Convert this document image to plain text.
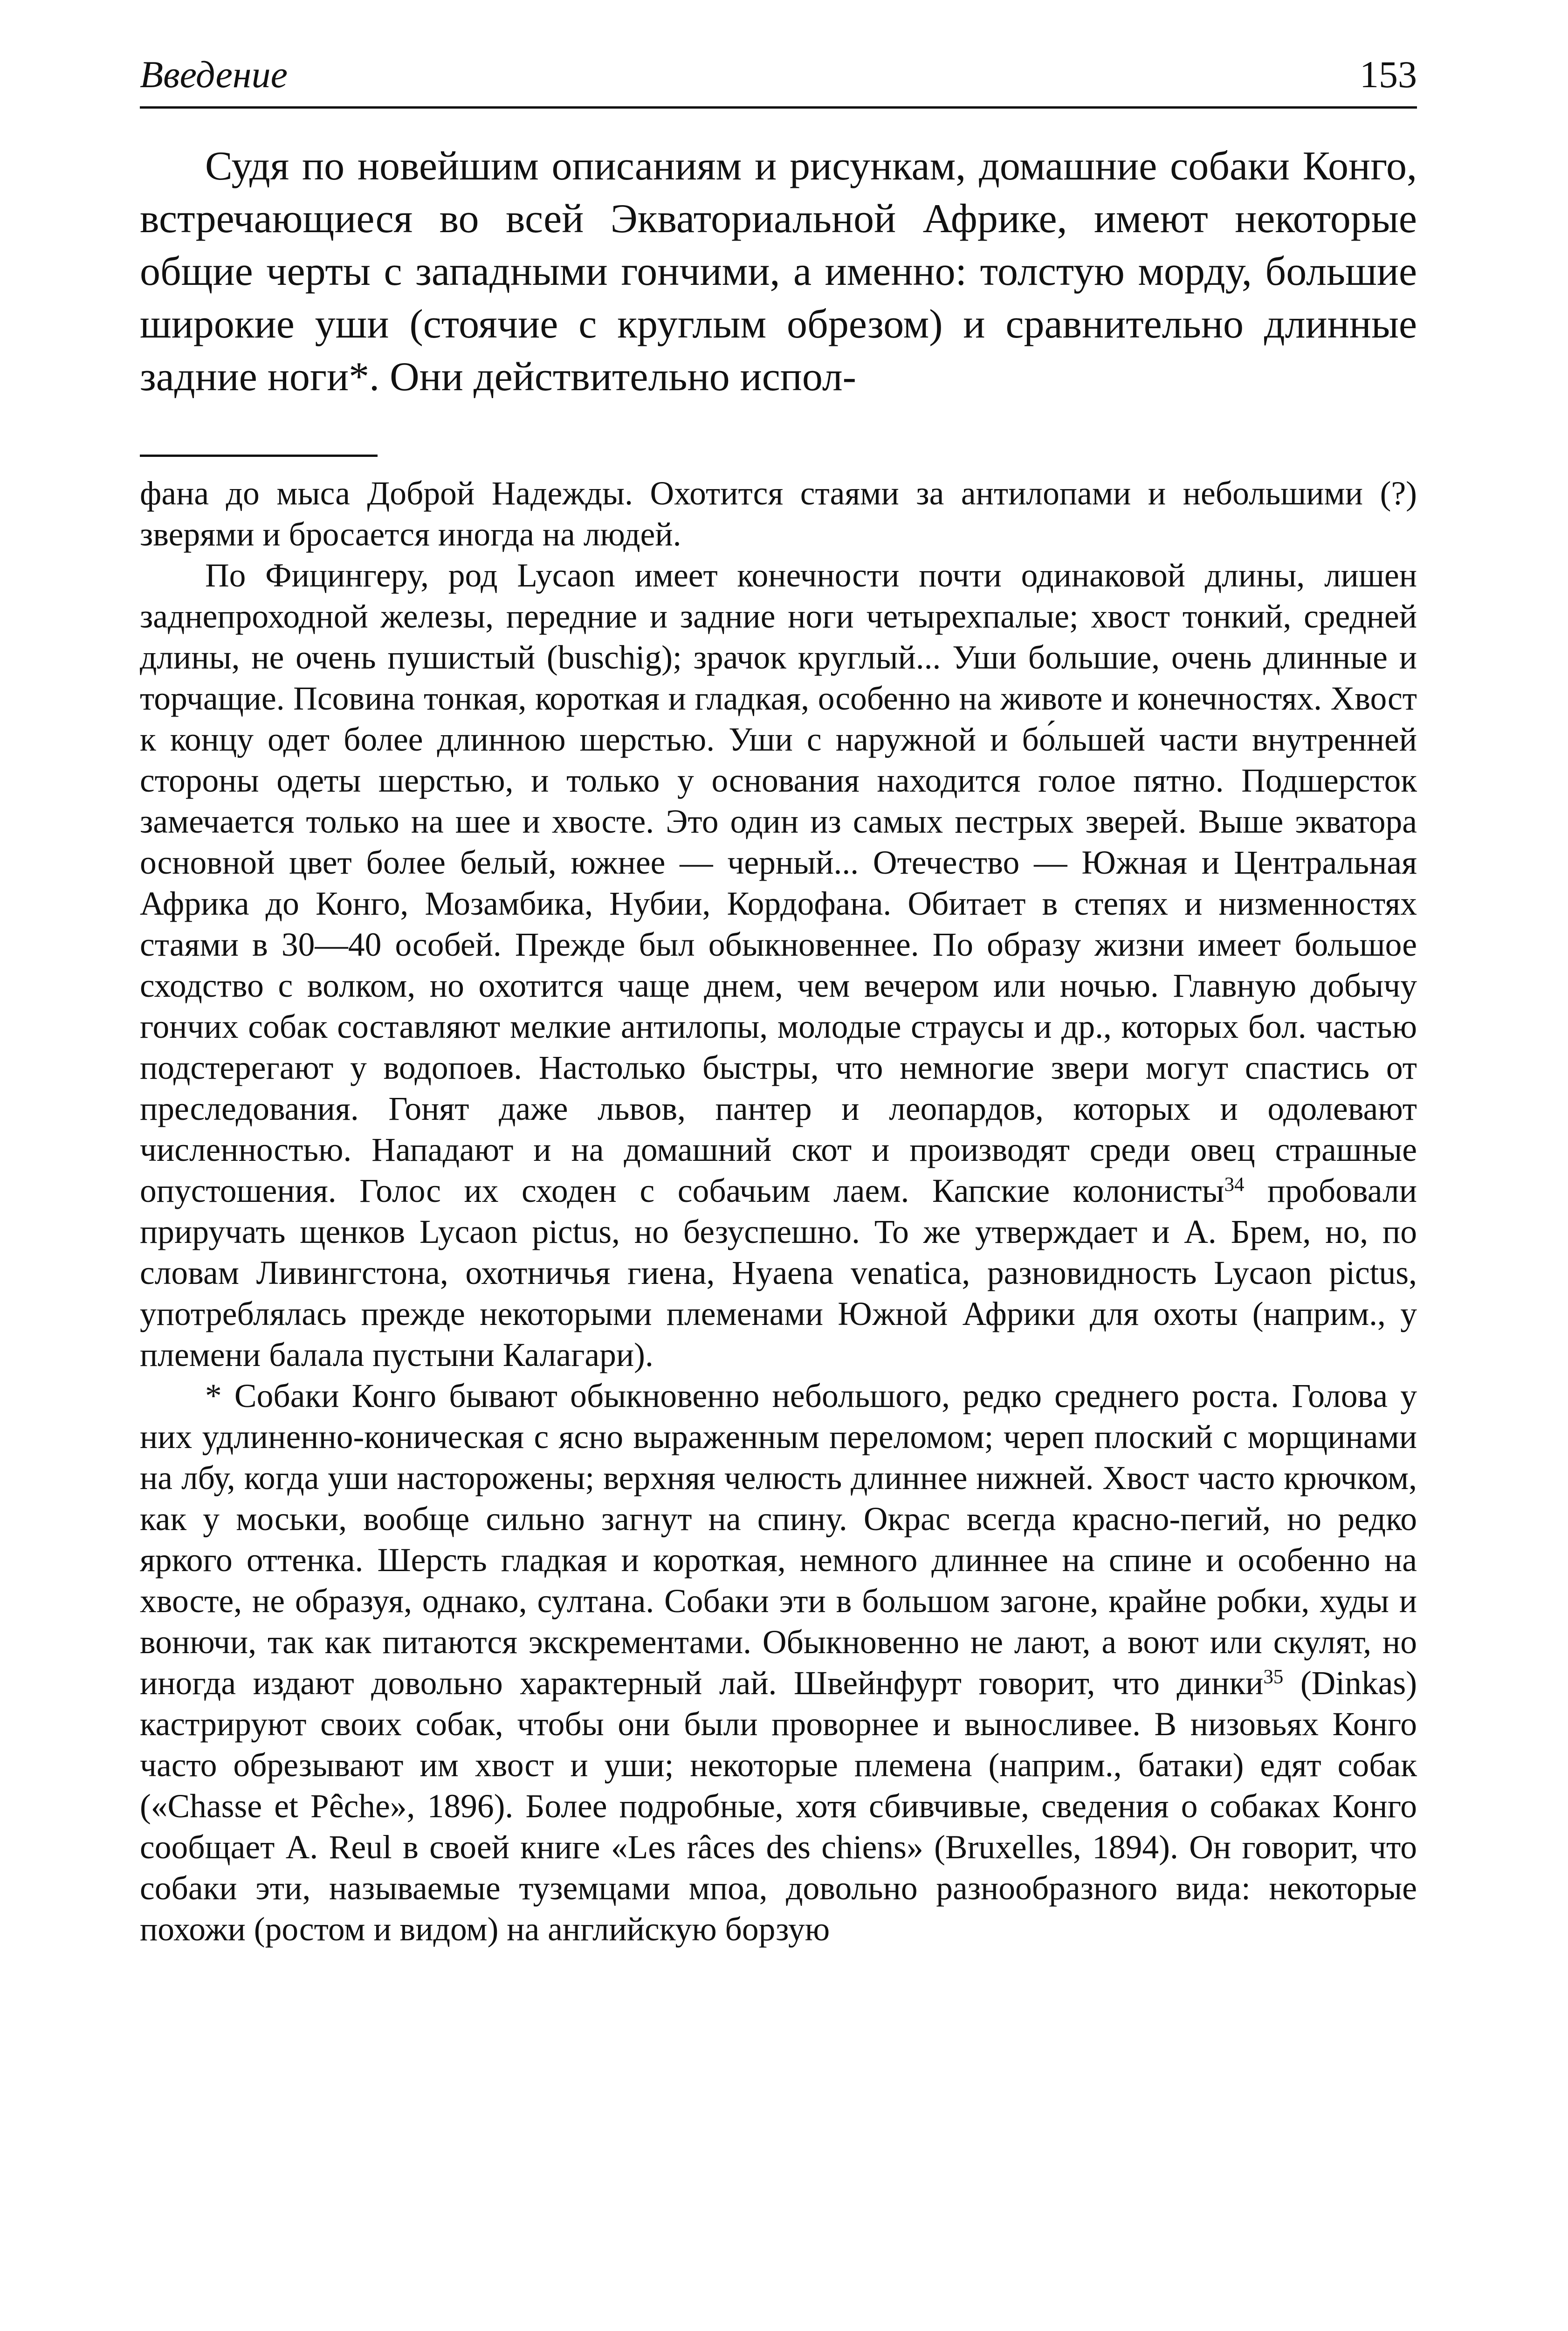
Введение	153

Судя по новейшим описаниям и рисункам, домашние собаки Конго, встречающиеся во всей Экваториальной Африке, имеют некоторые общие черты с западными гончими, а именно: толстую морду, большие широкие уши (стоячие с круглым обрезом) и сравнительно длинные задние ноги*. Они действительно испол-

фана до мыса Доброй Надежды. Охотится стаями за антилопами и небольшими (?) зверями и бросается иногда на людей.

По Фицингеру, род Lycaon имеет конечности почти одинаковой длины, лишен заднепроходной железы, передние и задние ноги четырехпалые; хвост тонкий, средней длины, не очень пушистый (buschig); зрачок круглый... Уши большие, очень длинные и торчащие. Псовина тонкая, короткая и гладкая, особенно на животе и конечностях. Хвост к концу одет более длинною шерстью. Уши с наружной и бо́льшей части внутренней стороны одеты шерстью, и только у основания находится голое пятно. Подшерсток замечается только на шее и хвосте. Это один из самых пестрых зверей. Выше экватора основной цвет более белый, южнее — черный... Отечество — Южная и Центральная Африка до Конго, Мозамбика, Нубии, Кордофана. Обитает в степях и низменностях стаями в 30—40 особей. Прежде был обыкновеннее. По образу жизни имеет большое сходство с волком, но охотится чаще днем, чем вечером или ночью. Главную добычу гончих собак составляют мелкие антилопы, молодые страусы и др., которых бол. частью подстерегают у водопоев. Настолько быстры, что немногие звери могут спастись от преследования. Гонят даже львов, пантер и леопардов, которых и одолевают численностью. Нападают и на домашний скот и производят среди овец страшные опустошения. Голос их сходен с собачьим лаем. Капские колонисты$^{34}$ пробовали приручать щенков Lycaon pictus, но безуспешно. То же утверждает и А. Брем, но, по словам Ливингстона, охотничья гиена, Hyaena venatica, разновидность Lycaon pictus, употреблялась прежде некоторыми племенами Южной Африки для охоты (наприм., у племени балала пустыни Калагари).

* Собаки Конго бывают обыкновенно небольшого, редко среднего роста. Голова у них удлиненно-коническая с ясно выраженным переломом; череп плоский с морщинами на лбу, когда уши насторожены; верхняя челюсть длиннее нижней. Хвост часто крючком, как у моськи, вообще сильно загнут на спину. Окрас всегда красно-пегий, но редко яркого оттенка. Шерсть гладкая и короткая, немного длиннее на спине и особенно на хвосте, не образуя, однако, султана. Собаки эти в большом загоне, крайне робки, худы и вонючи, так как питаются экскрементами. Обыкновенно не лают, а воют или скулят, но иногда издают довольно характерный лай. Швейнфурт говорит, что динки$^{35}$ (Dinkas) кастрируют своих собак, чтобы они были проворнее и выносливее. В низовьях Конго часто обрезывают им хвост и уши; некоторые племена (наприм., батаки) едят собак («Chasse et Pêche», 1896). Более подробные, хотя сбивчивые, сведения о собаках Конго сообщает А. Reul в своей книге «Les râces des chiens» (Bruxelles, 1894). Он говорит, что собаки эти, называемые туземцами мпоа, довольно разнообразного вида: некоторые похожи (ростом и видом) на английскую борзую
